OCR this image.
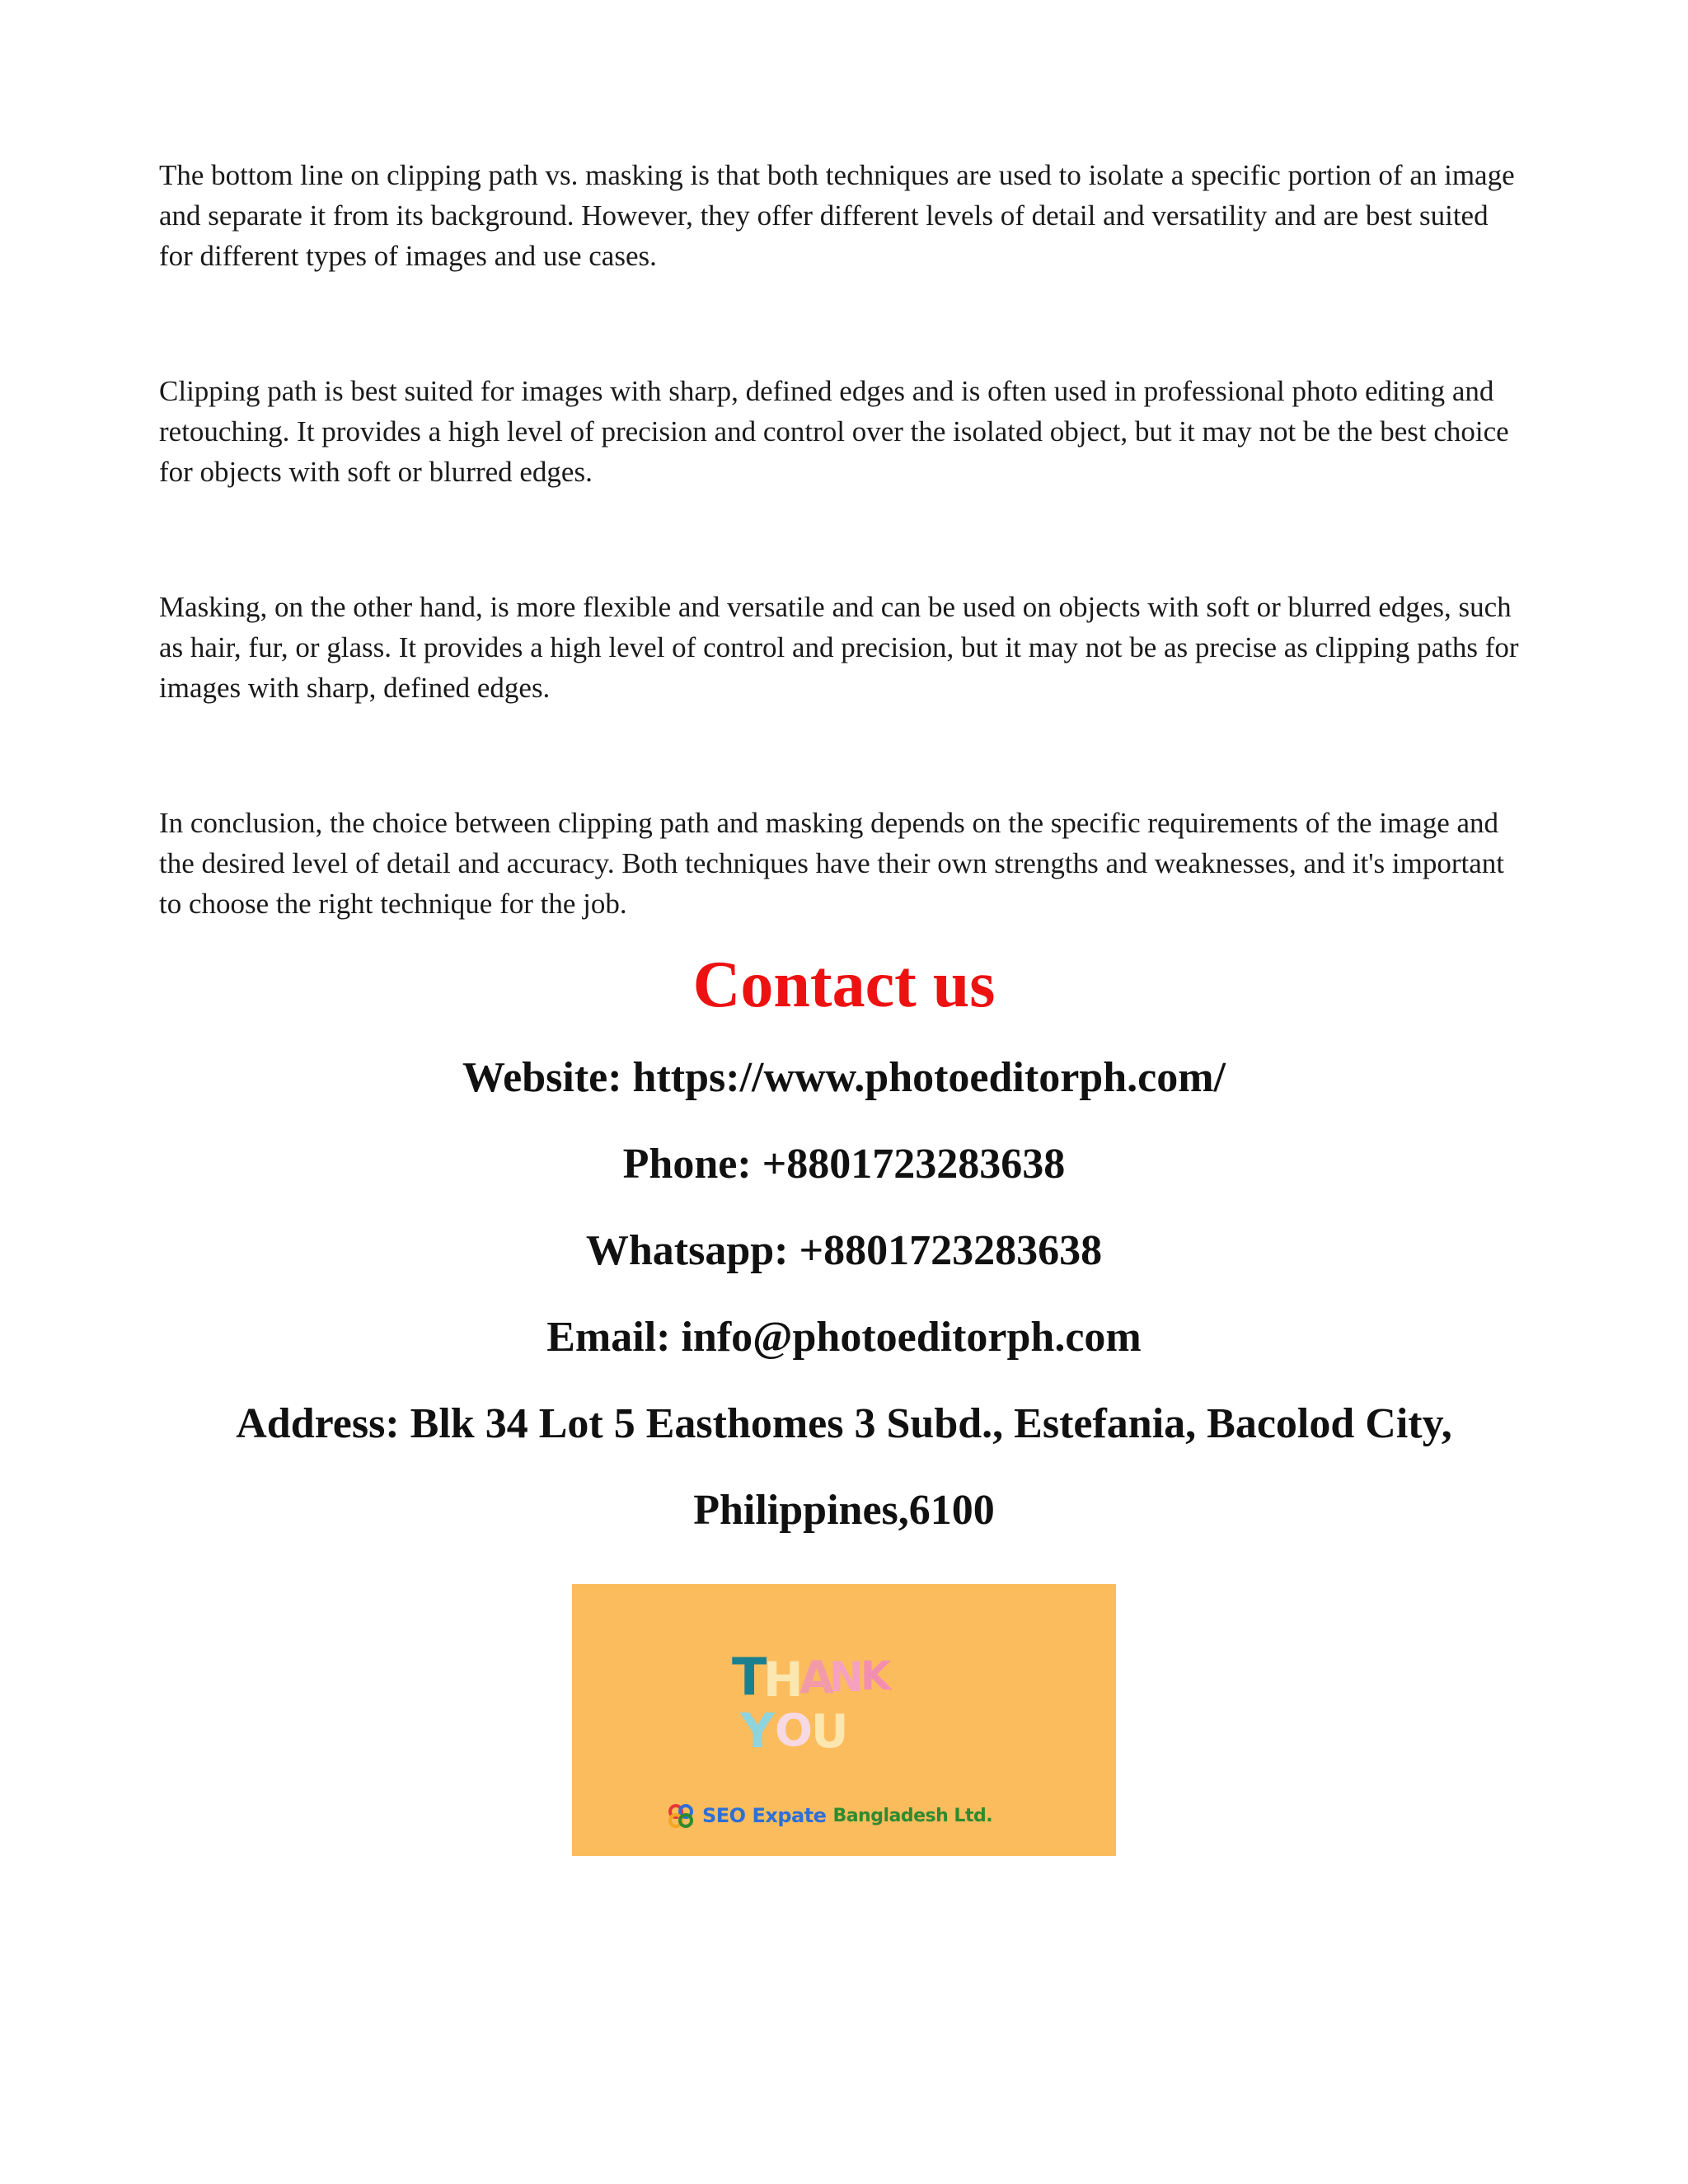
The bottom line on clipping path vs. masking is that both techniques are used to isolate a specific portion of an image and separate it from its background. However, they offer different levels of detail and versatility and are best suited for different types of images and use cases.

Clipping path is best suited for images with sharp, defined edges and is often used in professional photo editing and retouching. It provides a high level of precision and control over the isolated object, but it may not be the best choice for objects with soft or blurred edges.

Masking, on the other hand, is more flexible and versatile and can be used on objects with soft or blurred edges, such as hair, fur, or glass. It provides a high level of control and precision, but it may not be as precise as clipping paths for images with sharp, defined edges.

In conclusion, the choice between clipping path and masking depends on the specific requirements of the image and the desired level of detail and accuracy. Both techniques have their own strengths and weaknesses, and it's important to choose the right technique for the job.

Contact us

Website: https://www.photoeditorph.com/

Phone: +8801723283638

Whatsapp: +8801723283638

Email: info@photoeditorph.com

Address: Blk 34 Lot 5 Easthomes 3 Subd., Estefania, Bacolod City,

Philippines,6100

T
H
A
N
K
Y O
U
SEO Expate Bangladesh Ltd.
